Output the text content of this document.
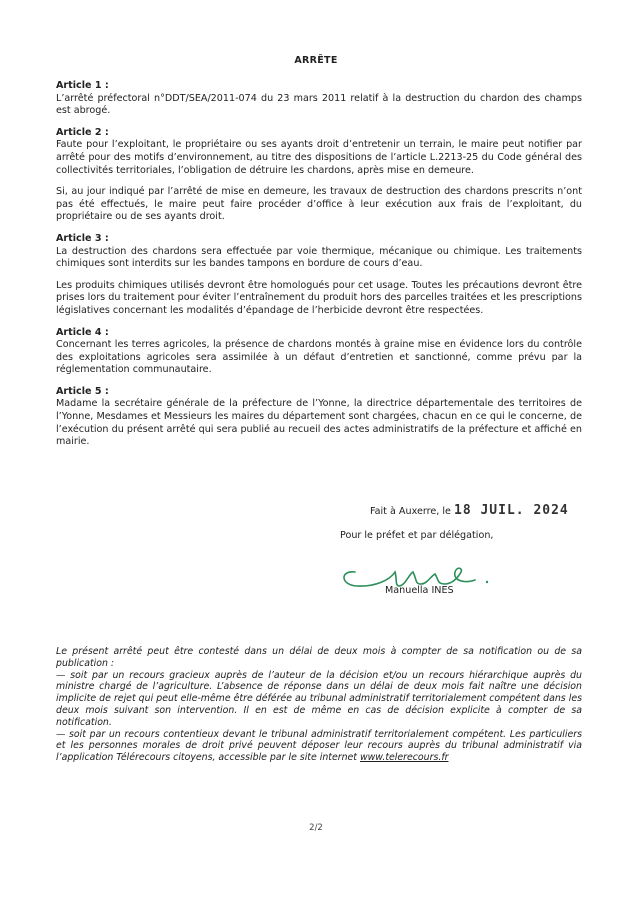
ARRÊTE

Article 1 :

L’arrêté préfectoral n°DDT/SEA/2011-074 du 23 mars 2011 relatif à la destruction du chardon des champs est abrogé.

Article 2 :

Faute pour l’exploitant, le propriétaire ou ses ayants droit d’entretenir un terrain, le maire peut notifier par arrêté pour des motifs d’environnement, au titre des dispositions de l’article L.2213-25 du Code général des collectivités territoriales, l’obligation de détruire les chardons, après mise en demeure.

Si, au jour indiqué par l’arrêté de mise en demeure, les travaux de destruction des chardons prescrits n’ont pas été effectués, le maire peut faire procéder d’office à leur exécution aux frais de l’exploitant, du propriétaire ou de ses ayants droit.

Article 3 :

La destruction des chardons sera effectuée par voie thermique, mécanique ou chimique. Les traitements chimiques sont interdits sur les bandes tampons en bordure de cours d’eau.

Les produits chimiques utilisés devront être homologués pour cet usage. Toutes les précautions devront être prises lors du traitement pour éviter l’entraînement du produit hors des parcelles traitées et les prescriptions législatives concernant les modalités d’épandage de l’herbicide devront être respectées.

Article 4 :

Concernant les terres agricoles, la présence de chardons montés à graine mise en évidence lors du contrôle des exploitations agricoles sera assimilée à un défaut d’entretien et sanctionné, comme prévu par la réglementation communautaire.

Article 5 :

Madame la secrétaire générale de la préfecture de l’Yonne, la directrice départementale des territoires de l’Yonne, Mesdames et Messieurs les maires du département sont chargées, chacun en ce qui le concerne, de l’exécution du présent arrêté qui sera publié au recueil des actes administratifs de la préfecture et affiché en mairie.

Fait à Auxerre, le 18 JUIL. 2024
Pour le préfet et par délégation,
Manuella INES

Le présent arrêté peut être contesté dans un délai de deux mois à compter de sa notification ou de sa publication :

— soit par un recours gracieux auprès de l’auteur de la décision et/ou un recours hiérarchique auprès du ministre chargé de l’agriculture. L’absence de réponse dans un délai de deux mois fait naître une décision implicite de rejet qui peut elle-même être déférée au tribunal administratif territorialement compétent dans les deux mois suivant son intervention. Il en est de même en cas de décision explicite à compter de sa notification.

— soit par un recours contentieux devant le tribunal administratif territorialement compétent. Les particuliers et les personnes morales de droit privé peuvent déposer leur recours auprès du tribunal administratif via l’application Télérecours citoyens, accessible par le site internet www.telerecours.fr

2/2
